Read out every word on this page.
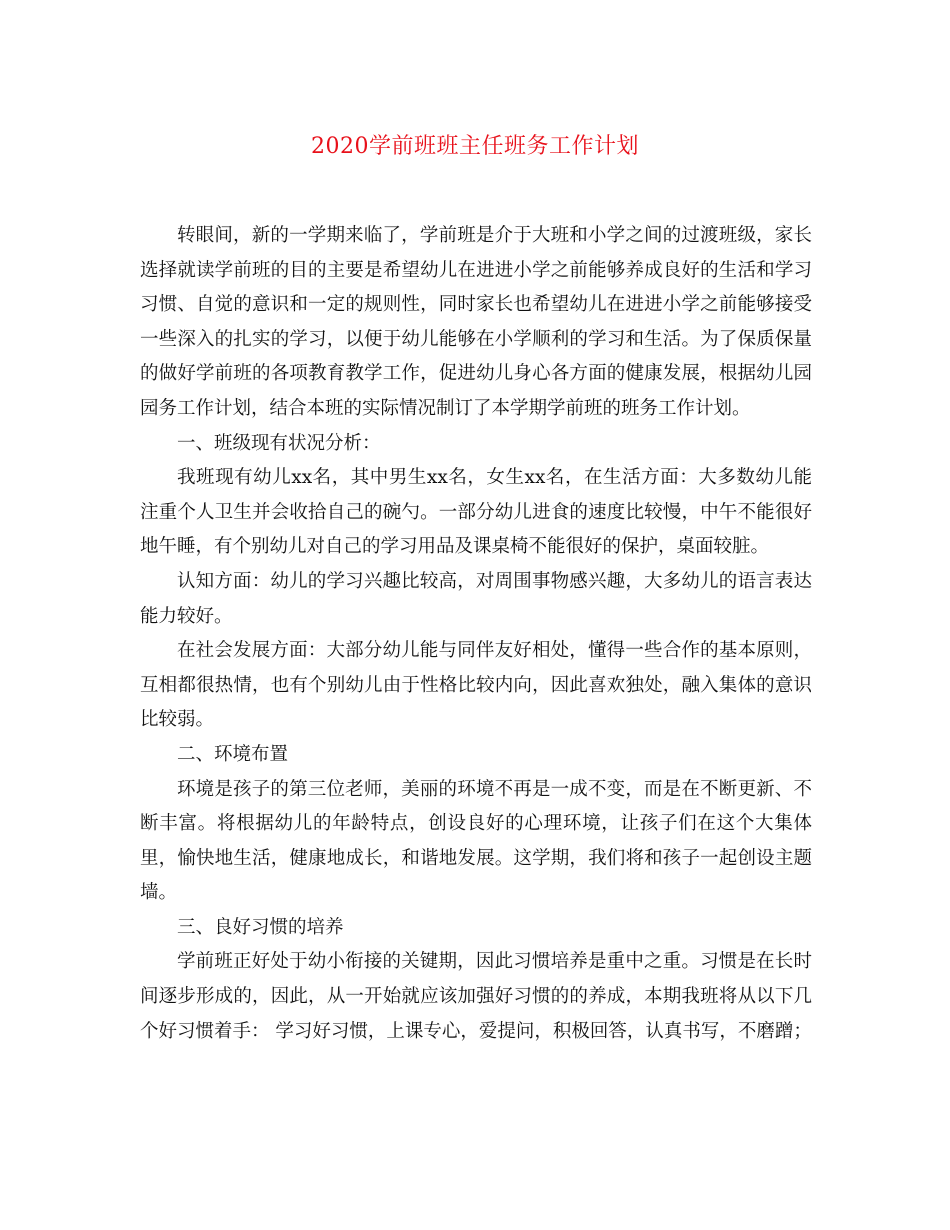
2020学前班班主任班务工作计划

转眼间，新的一学期来临了，学前班是介于大班和小学之间的过渡班级，家长选择就读学前班的目的主要是希望幼儿在进进小学之前能够养成良好的生活和学习习惯、自觉的意识和一定的规则性，同时家长也希望幼儿在进进小学之前能够接受一些深入的扎实的学习，以便于幼儿能够在小学顺利的学习和生活。为了保质保量的做好学前班的各项教育教学工作，促进幼儿身心各方面的健康发展，根据幼儿园园务工作计划，结合本班的实际情况制订了本学期学前班的班务工作计划。

一、班级现有状况分析：

我班现有幼儿xx名，其中男生xx名，女生xx名，在生活方面：大多数幼儿能注重个人卫生并会收拾自己的碗勺。一部分幼儿进食的速度比较慢，中午不能很好地午睡，有个别幼儿对自己的学习用品及课桌椅不能很好的保护，桌面较脏。

认知方面：幼儿的学习兴趣比较高，对周围事物感兴趣，大多幼儿的语言表达能力较好。

在社会发展方面：大部分幼儿能与同伴友好相处，懂得一些合作的基本原则，互相都很热情，也有个别幼儿由于性格比较内向，因此喜欢独处，融入集体的意识比较弱。

二、环境布置

环境是孩子的第三位老师，美丽的环境不再是一成不变，而是在不断更新、不断丰富。将根据幼儿的年龄特点，创设良好的心理环境，让孩子们在这个大集体里，愉快地生活，健康地成长，和谐地发展。这学期，我们将和孩子一起创设主题墙。

三、良好习惯的培养

学前班正好处于幼小衔接的关键期，因此习惯培养是重中之重。习惯是在长时间逐步形成的，因此，从一开始就应该加强好习惯的的养成，本期我班将从以下几个好习惯着手： 学习好习惯，上课专心，爱提问，积极回答，认真书写，不磨蹭；
